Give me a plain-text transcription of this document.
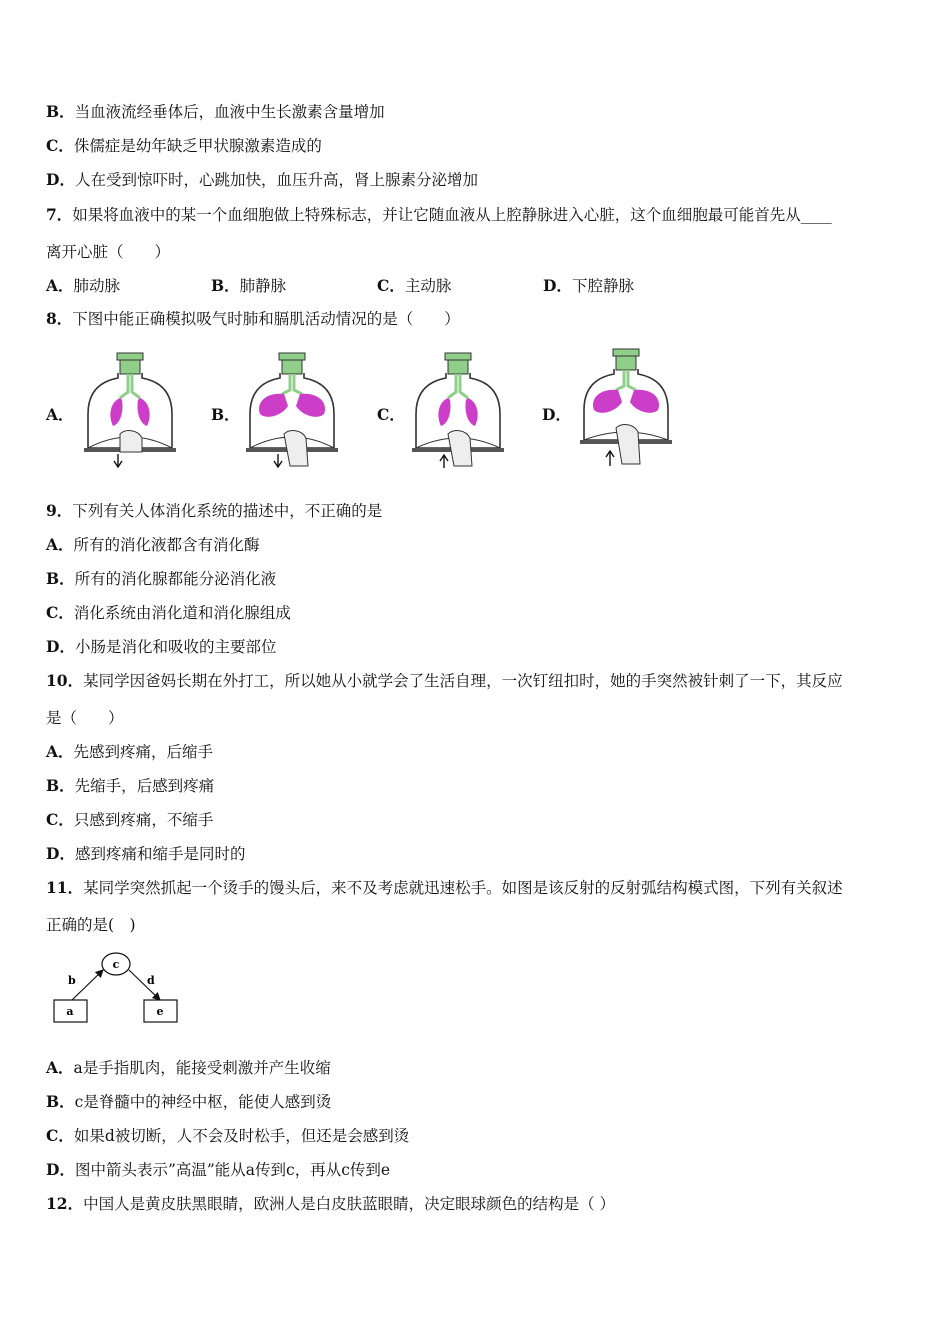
B．当血液流经垂体后，血液中生长激素含量增加
C．侏儒症是幼年缺乏甲状腺激素造成的
D．人在受到惊吓时，心跳加快，血压升高，肾上腺素分泌增加
7．如果将血液中的某一个血细胞做上特殊标志，并让它随血液从上腔静脉进入心脏，这个血细胞最可能首先从____
离开心脏（　　）
A．肺动脉	B．肺静脉	C．主动脉	D．下腔静脉
8．下图中能正确模拟吸气时肺和膈肌活动情况的是（　　）
A．	B．	C．	D．
9．下列有关人体消化系统的描述中，不正确的是
A．所有的消化液都含有消化酶
B．所有的消化腺都能分泌消化液
C．消化系统由消化道和消化腺组成
D．小肠是消化和吸收的主要部位
10．某同学因爸妈长期在外打工，所以她从小就学会了生活自理，一次钉纽扣时，她的手突然被针刺了一下，其反应
是（　　）
A．先感到疼痛，后缩手
B．先缩手，后感到疼痛
C．只感到疼痛，不缩手
D．感到疼痛和缩手是同时的
11．某同学突然抓起一个烫手的馒头后，来不及考虑就迅速松手。如图是该反射的反射弧结构模式图，下列有关叙述
正确的是(　)
c
b	d
a	e
A．a是手指肌肉，能接受刺激并产生收缩
B．c是脊髓中的神经中枢，能使人感到烫
C．如果d被切断，人不会及时松手，但还是会感到烫
D．图中箭头表示”高温”能从a传到c，再从c传到e
12．中国人是黄皮肤黑眼睛，欧洲人是白皮肤蓝眼睛，决定眼球颜色的结构是（ ）
